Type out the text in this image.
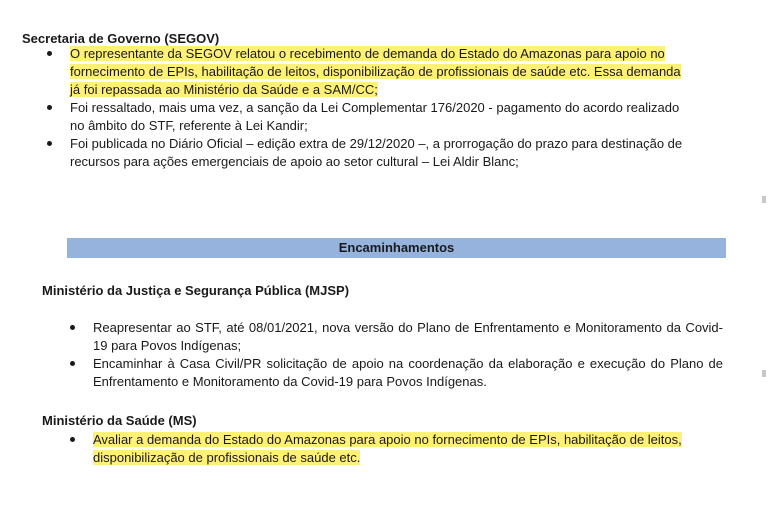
Secretaria de Governo (SEGOV)
O representante da SEGOV relatou o recebimento de demanda do Estado do Amazonas para apoio no fornecimento de EPIs, habilitação de leitos, disponibilização de profissionais de saúde etc. Essa demanda já foi repassada ao Ministério da Saúde e a SAM/CC;
Foi ressaltado, mais uma vez, a sanção da Lei Complementar 176/2020 - pagamento do acordo realizado no âmbito do STF, referente à Lei Kandir;
Foi publicada no Diário Oficial – edição extra de 29/12/2020 –, a prorrogação do prazo para destinação de recursos para ações emergenciais de apoio ao setor cultural – Lei Aldir Blanc;
Encaminhamentos
Ministério da Justiça e Segurança Pública (MJSP)
Reapresentar ao STF, até 08/01/2021, nova versão do Plano de Enfrentamento e Monitoramento da Covid-19 para Povos Indígenas;
Encaminhar à Casa Civil/PR solicitação de apoio na coordenação da elaboração e execução do Plano de Enfrentamento e Monitoramento da Covid-19 para Povos Indígenas.
Ministério da Saúde (MS)
Avaliar a demanda do Estado do Amazonas para apoio no fornecimento de EPIs, habilitação de leitos, disponibilização de profissionais de saúde etc.
